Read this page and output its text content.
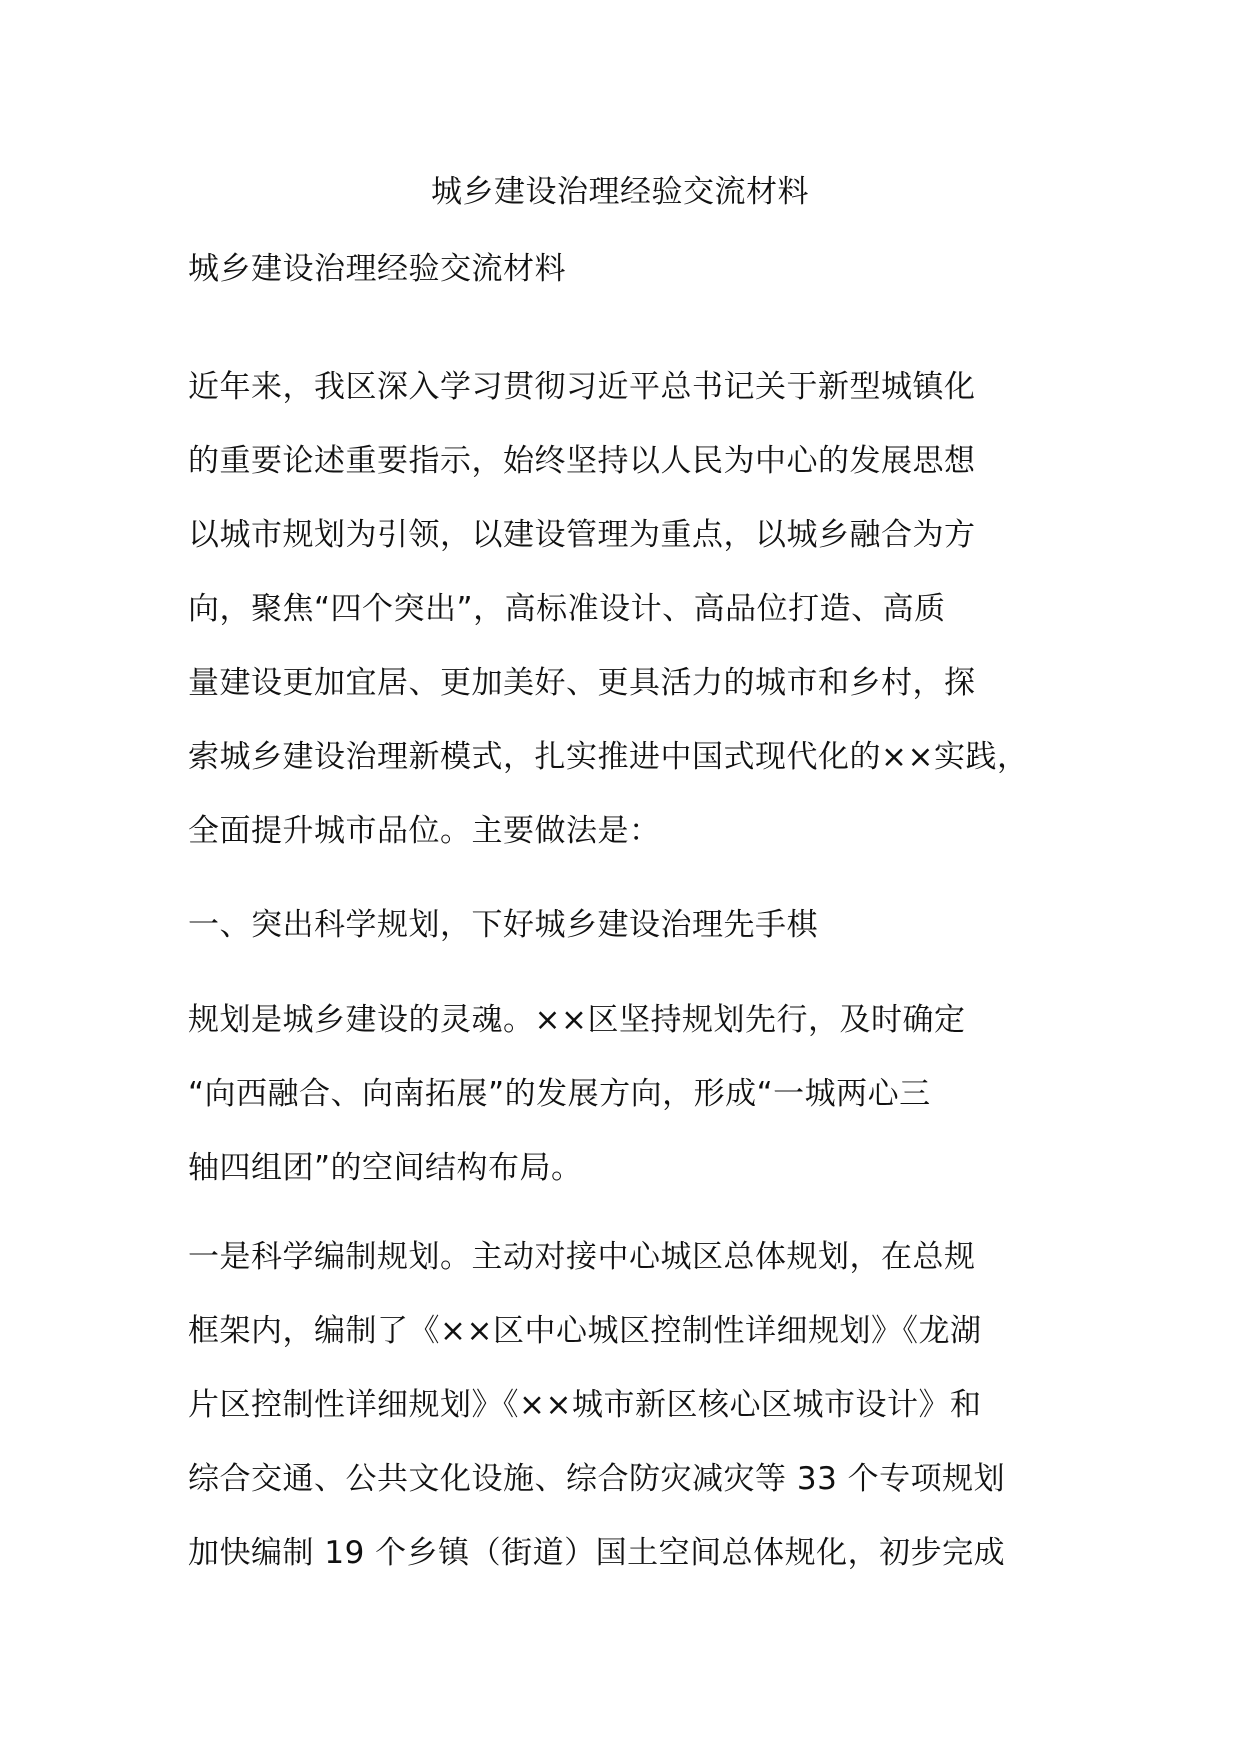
城乡建设治理经验交流材料
城乡建设治理经验交流材料
近年来，我区深入学习贯彻习近平总书记关于新型城镇化
的重要论述重要指示，始终坚持以人民为中心的发展思想
以城市规划为引领，以建设管理为重点，以城乡融合为方
向，聚焦“四个突出”，高标准设计、高品位打造、高质
量建设更加宜居、更加美好、更具活力的城市和乡村，探
索城乡建设治理新模式，扎实推进中国式现代化的××实践，
全面提升城市品位。主要做法是：
一、突出科学规划，下好城乡建设治理先手棋
规划是城乡建设的灵魂。××区坚持规划先行，及时确定
“向西融合、向南拓展”的发展方向，形成“一城两心三
轴四组团”的空间结构布局。
一是科学编制规划。主动对接中心城区总体规划，在总规
框架内，编制了《××区中心城区控制性详细规划》《龙湖
片区控制性详细规划》《××城市新区核心区城市设计》和
综合交通、公共文化设施、综合防灾减灾等 33 个专项规划
加快编制 19 个乡镇（街道）国土空间总体规化，初步完成
